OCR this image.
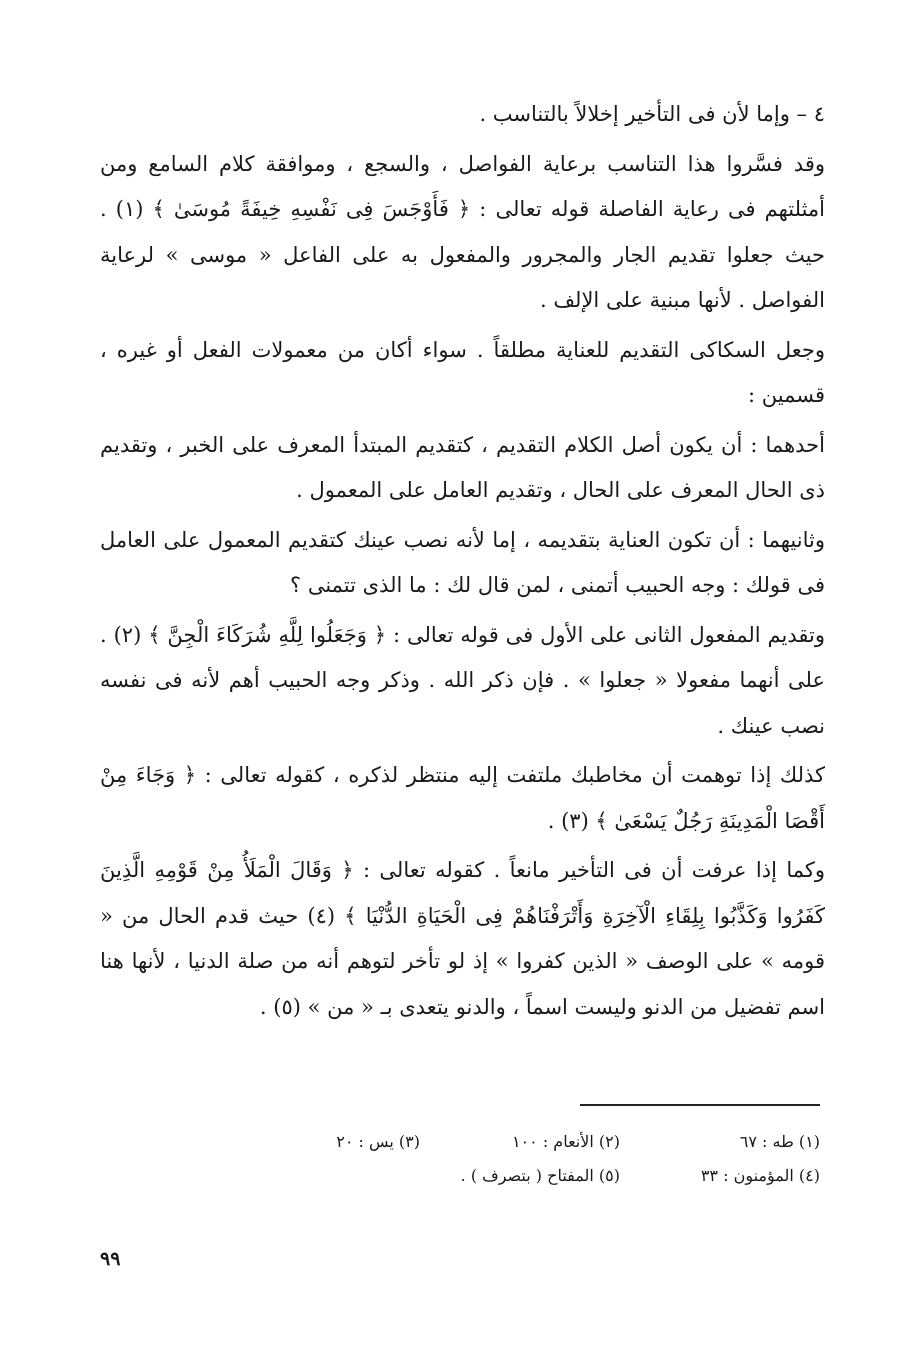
٤ – وإما لأن فى التأخير إخلالاً بالتناسب .

وقد فسَّروا هذا التناسب برعاية الفواصل ، والسجع ، وموافقة كلام السامع ومن أمثلتهم فى رعاية الفاصلة قوله تعالى : ﴿ فَأَوْجَسَ فِى نَفْسِهِ خِيفَةً مُوسَىٰ ﴾ (١) . حيث جعلوا تقديم الجار والمجرور والمفعول به على الفاعل « موسى » لرعاية الفواصل . لأنها مبنية على الإلف .

وجعل السكاكى التقديم للعناية مطلقاً . سواء أكان من معمولات الفعل أو غيره ، قسمين :

أحدهما : أن يكون أصل الكلام التقديم ، كتقديم المبتدأ المعرف على الخبر ، وتقديم ذى الحال المعرف على الحال ، وتقديم العامل على المعمول .

وثانيهما : أن تكون العناية بتقديمه ، إما لأنه نصب عينك كتقديم المعمول على العامل فى قولك : وجه الحبيب أتمنى ، لمن قال لك : ما الذى تتمنى ؟

وتقديم المفعول الثانى على الأول فى قوله تعالى : ﴿ وَجَعَلُوا لِلَّهِ شُرَكَاءَ الْجِنَّ ﴾ (٢) . على أنهما مفعولا « جعلوا » . فإن ذكر الله . وذكر وجه الحبيب أهم لأنه فى نفسه نصب عينك .

كذلك إذا توهمت أن مخاطبك ملتفت إليه منتظر لذكره ، كقوله تعالى : ﴿ وَجَاءَ مِنْ أَقْصَا الْمَدِينَةِ رَجُلٌ يَسْعَىٰ ﴾ (٣) .

وكما إذا عرفت أن فى التأخير مانعاً . كقوله تعالى : ﴿ وَقَالَ الْمَلَأُ مِنْ قَوْمِهِ الَّذِينَ كَفَرُوا وَكَذَّبُوا بِلِقَاءِ الْآخِرَةِ وَأَتْرَفْنَاهُمْ فِى الْحَيَاةِ الدُّنْيَا ﴾ (٤) حيث قدم الحال من « قومه » على الوصف « الذين كفروا » إذ لو تأخر لتوهم أنه من صلة الدنيا ، لأنها هنا اسم تفضيل من الدنو وليست اسماً ، والدنو يتعدى بـ « من » (٥) .

(١) طه : ٦٧
(٢) الأنعام : ١٠٠
(٣) يس : ٢٠
(٤) المؤمنون : ٣٣
(٥) المفتاح ( بتصرف ) .
٩٩
